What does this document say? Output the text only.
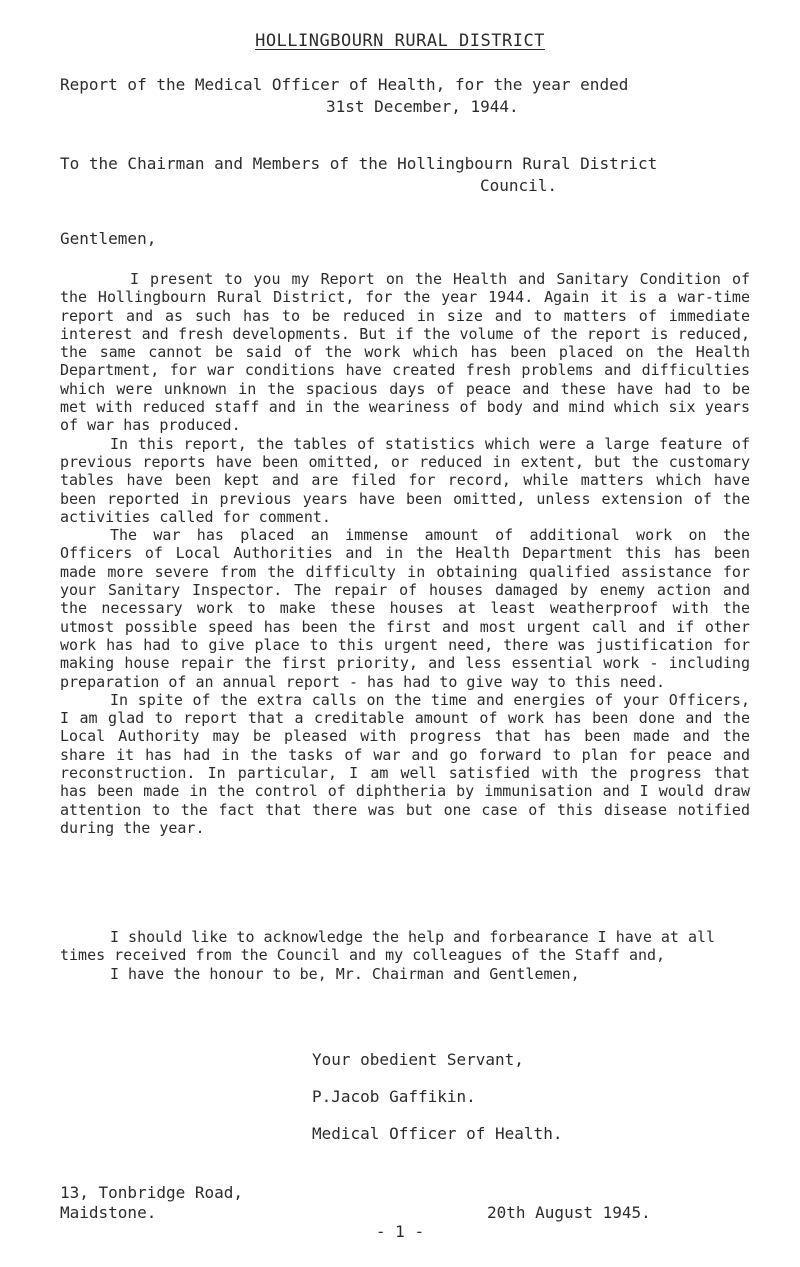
HOLLINGBOURN RURAL DISTRICT
Report of the Medical Officer of Health, for the year ended
31st December, 1944.
To the Chairman and Members of the Hollingbourn Rural District
Council.
Gentlemen,

I present to you my Report on the Health and Sanitary Condition of the Hollingbourn Rural District, for the year 1944. Again it is a war-time report and as such has to be reduced in size and to matters of immediate interest and fresh developments. But if the volume of the report is reduced, the same cannot be said of the work which has been placed on the Health Department, for war conditions have created fresh problems and difficulties which were unknown in the spacious days of peace and these have had to be met with reduced staff and in the weariness of body and mind which six years of war has produced.

In this report, the tables of statistics which were a large feature of previous reports have been omitted, or reduced in extent, but the customary tables have been kept and are filed for record, while matters which have been reported in previous years have been omitted, unless extension of the activities called for comment.

The war has placed an immense amount of additional work on the Officers of Local Authorities and in the Health Department this has been made more severe from the difficulty in obtaining qualified assistance for your Sanitary Inspector. The repair of houses damaged by enemy action and the necessary work to make these houses at least weatherproof with the utmost possible speed has been the first and most urgent call and if other work has had to give place to this urgent need, there was justification for making house repair the first priority, and less essential work - including preparation of an annual report - has had to give way to this need.

In spite of the extra calls on the time and energies of your Officers, I am glad to report that a creditable amount of work has been done and the Local Authority may be pleased with progress that has been made and the share it has had in the tasks of war and go forward to plan for peace and reconstruction. In particular, I am well satisfied with the progress that has been made in the control of diphtheria by immunisation and I would draw attention to the fact that there was but one case of this disease notified during the year.

I should like to acknowledge the help and forbearance I have at all times received from the Council and my colleagues of the Staff and,
I have the honour to be, Mr. Chairman and Gentlemen,
Your obedient Servant,
P.Jacob Gaffikin.
Medical Officer of Health.
13, Tonbridge Road,
Maidstone.	20th August 1945.
- 1 -
